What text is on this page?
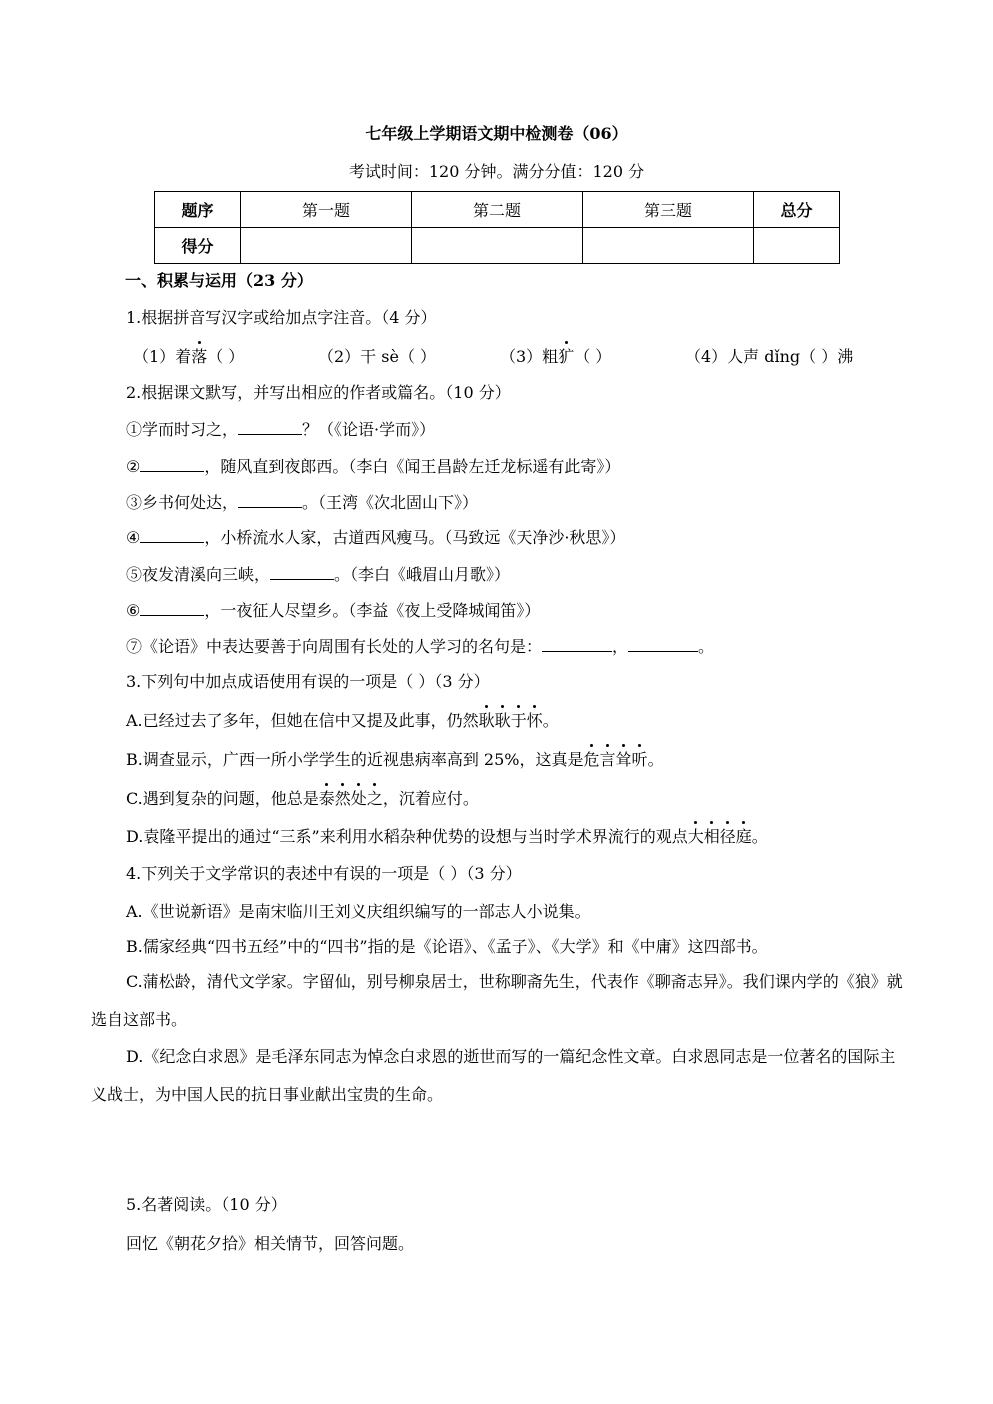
七年级上学期语文期中检测卷（06）
考试时间：120 分钟。满分分值：120 分
题序	第一题	第二题	第三题	总分
得分				
一、积累与运用（23 分）
1.根据拼音写汉字或给加点字注音。（4 分）
（1）着落（ ）	（2）干 sè（ ）	（3）粗犷（ ）	（4）人声 dǐng（ ）沸
2.根据课文默写，并写出相应的作者或篇名。（10 分）
①学而时习之，	？（《论语·学而》）
②	，随风直到夜郎西。（李白《闻王昌龄左迁龙标遥有此寄》）
③乡书何处达，	。（王湾《次北固山下》）
④	，小桥流水人家，古道西风瘦马。（马致远《天净沙·秋思》）
⑤夜发清溪向三峡，	。（李白《峨眉山月歌》）
⑥	，一夜征人尽望乡。（李益《夜上受降城闻笛》）
⑦《论语》中表达要善于向周围有长处的人学习的名句是：	，	。
3.下列句中加点成语使用有误的一项是（ ）（3 分）
A.已经过去了多年，但她在信中又提及此事，仍然耿耿于怀。
B.调查显示，广西一所小学学生的近视患病率高到 25%，这真是危言耸听。
C.遇到复杂的问题，他总是泰然处之，沉着应付。
D.袁隆平提出的通过“三系”来利用水稻杂种优势的设想与当时学术界流行的观点大相径庭。
4.下列关于文学常识的表述中有误的一项是（ ）（3 分）
A.《世说新语》是南宋临川王刘义庆组织编写的一部志人小说集。
B.儒家经典“四书五经”中的“四书”指的是《论语》、《孟子》、《大学》和《中庸》这四部书。
C.蒲松龄，清代文学家。字留仙，别号柳泉居士，世称聊斋先生，代表作《聊斋志异》。我们课内学的《狼》就选自这部书。
D.《纪念白求恩》是毛泽东同志为悼念白求恩的逝世而写的一篇纪念性文章。白求恩同志是一位著名的国际主义战士，为中国人民的抗日事业献出宝贵的生命。
5.名著阅读。（10 分）
回忆《朝花夕拾》相关情节，回答问题。
